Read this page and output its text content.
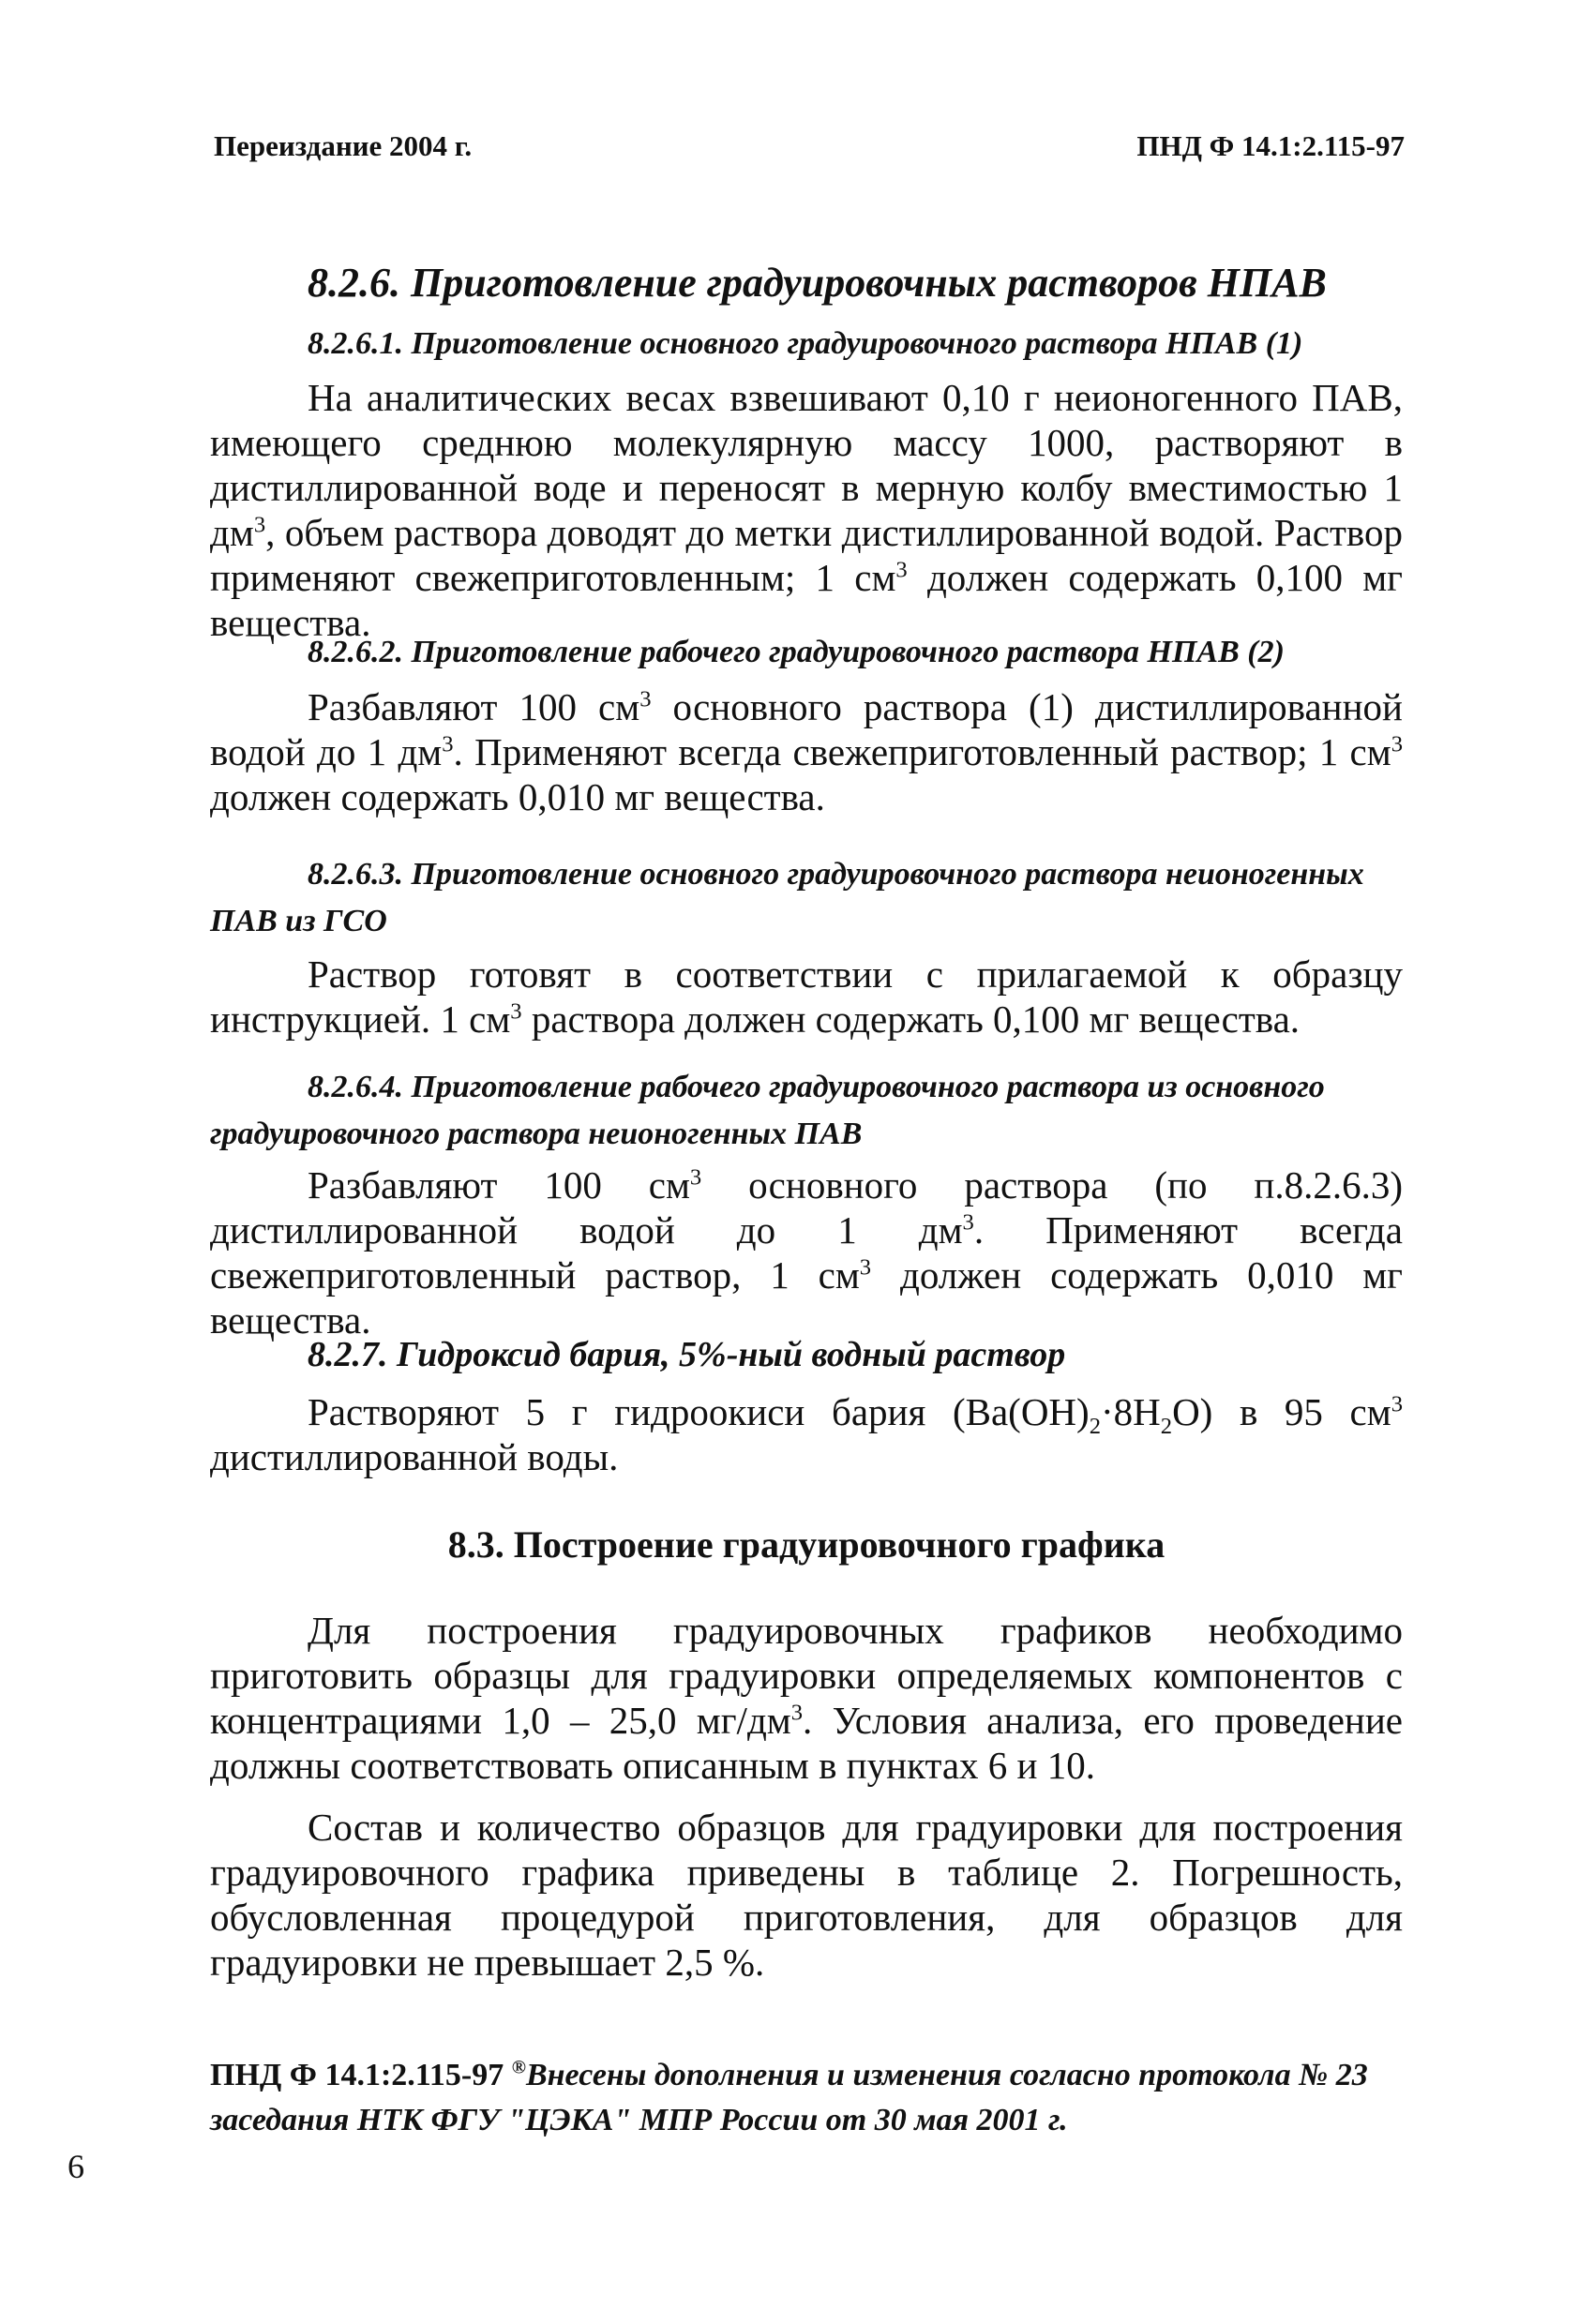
Переиздание 2004 г.	ПНД Ф 14.1:2.115-97
8.2.6. Приготовление градуировочных растворов НПАВ
8.2.6.1. Приготовление основного градуировочного раствора НПАВ (1)

На аналитических весах взвешивают 0,10 г неионогенного ПАВ, имеющего среднюю молекулярную массу 1000, растворяют в дистиллированной воде и переносят в мерную колбу вместимостью 1 $дм^3$, объем раствора доводят до метки дистиллированной водой. Раствор применяют свежеприготовленным; 1 $см^3$ должен содержать 0,100 мг вещества.

8.2.6.2. Приготовление рабочего градуировочного раствора НПАВ (2)

Разбавляют 100 $см^3$ основного раствора (1) дистиллированной водой до 1 $дм^3$. Применяют всегда свежеприготовленный раствор; 1 $см^3$ должен содержать 0,010 мг вещества.

8.2.6.3. Приготовление основного градуировочного раствора неионогенных ПАВ из ГСО

Раствор готовят в соответствии с прилагаемой к образцу инструкцией. 1 $см^3$ раствора должен содержать 0,100 мг вещества.

8.2.6.4. Приготовление рабочего градуировочного раствора из основного градуировочного раствора неионогенных ПАВ

Разбавляют 100 $см^3$ основного раствора (по п.8.2.6.3) дистиллированной водой до 1 $дм^3$. Применяют всегда свежеприготовленный раствор, 1 $см^3$ должен содержать 0,010 мг вещества.

8.2.7. Гидроксид бария, 5%-ный водный раствор

Растворяют 5 г гидроокиси бария $(Ba(OH)_2\cdot 8H_2O)$ в 95 $см^3$ дистиллированной воды.

8.3. Построение градуировочного графика

Для построения градуировочных графиков необходимо приготовить образцы для градуировки определяемых компонентов с концентрациями 1,0 – 25,0 $мг/дм^3$. Условия анализа, его проведение должны соответствовать описанным в пунктах 6 и 10.

Состав и количество образцов для градуировки для построения градуировочного графика приведены в таблице 2. Погрешность, обусловленная процедурой приготовления, для образцов для градуировки не превышает 2,5 %.

ПНД Ф 14.1:2.115-97 ®Внесены дополнения и изменения согласно протокола № 23 заседания НТК ФГУ "ЦЭКА" МПР России от 30 мая 2001 г.
6
